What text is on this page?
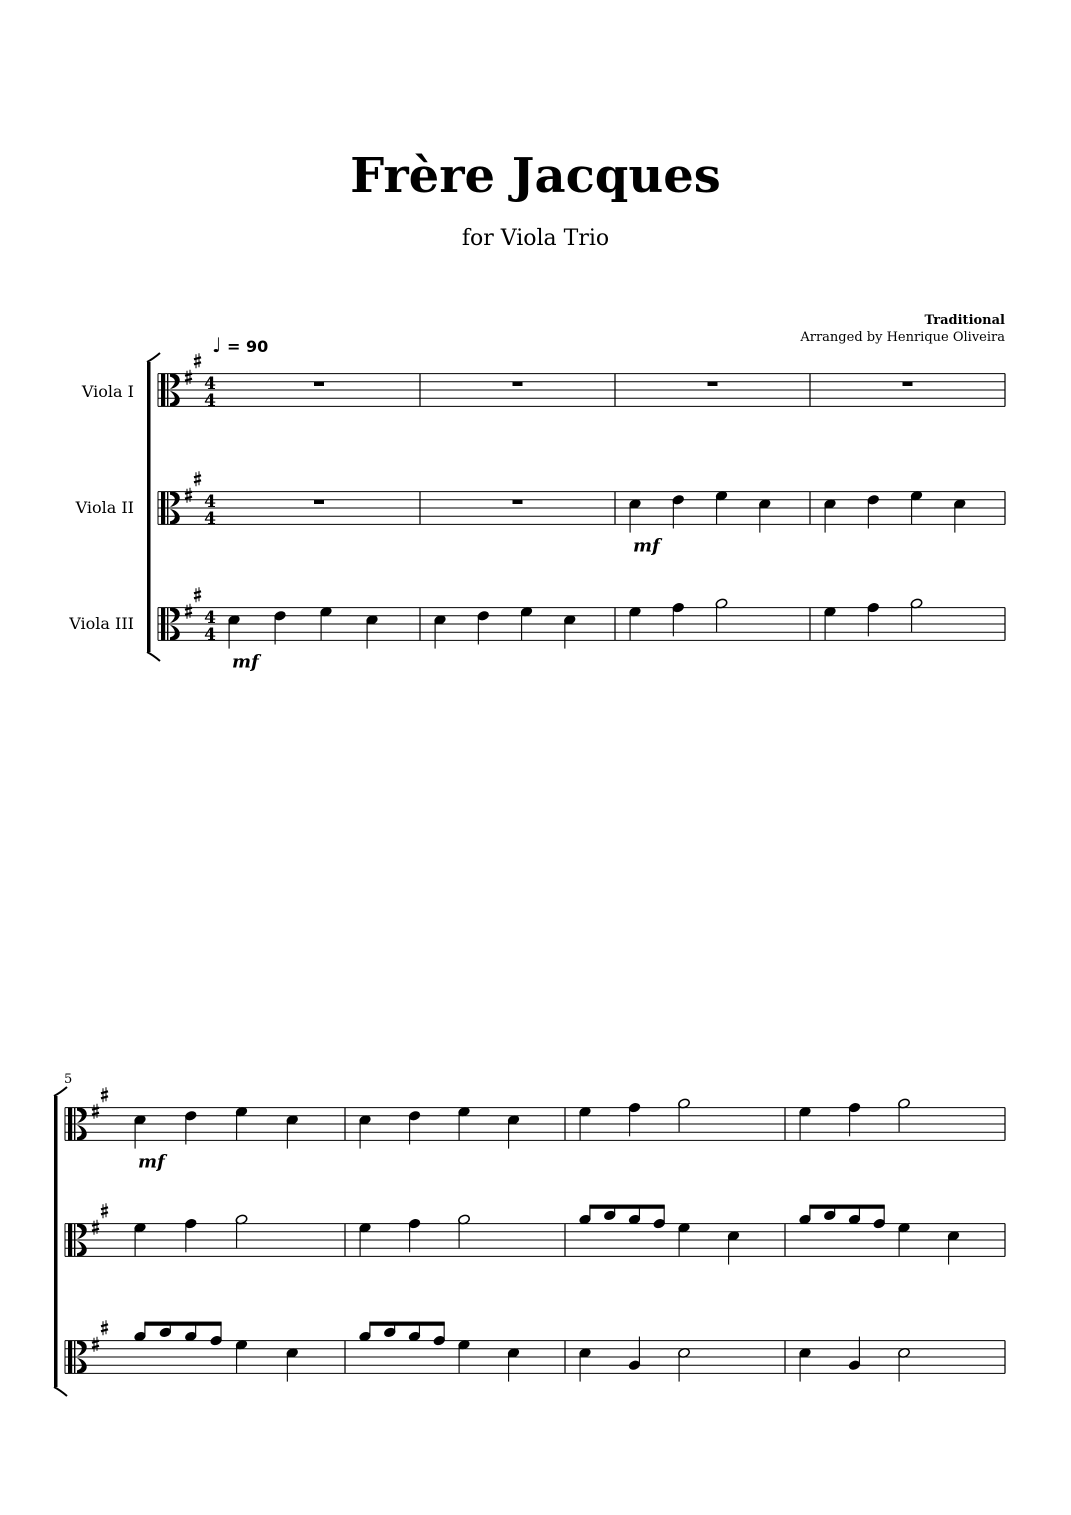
Frère Jacques
for Viola Trio
Traditional
Arranged by Henrique Oliveira
♩ = 90
Viola I
Viola II
Viola III
5
4
4
4
4
mf
4
4
mf
mf
